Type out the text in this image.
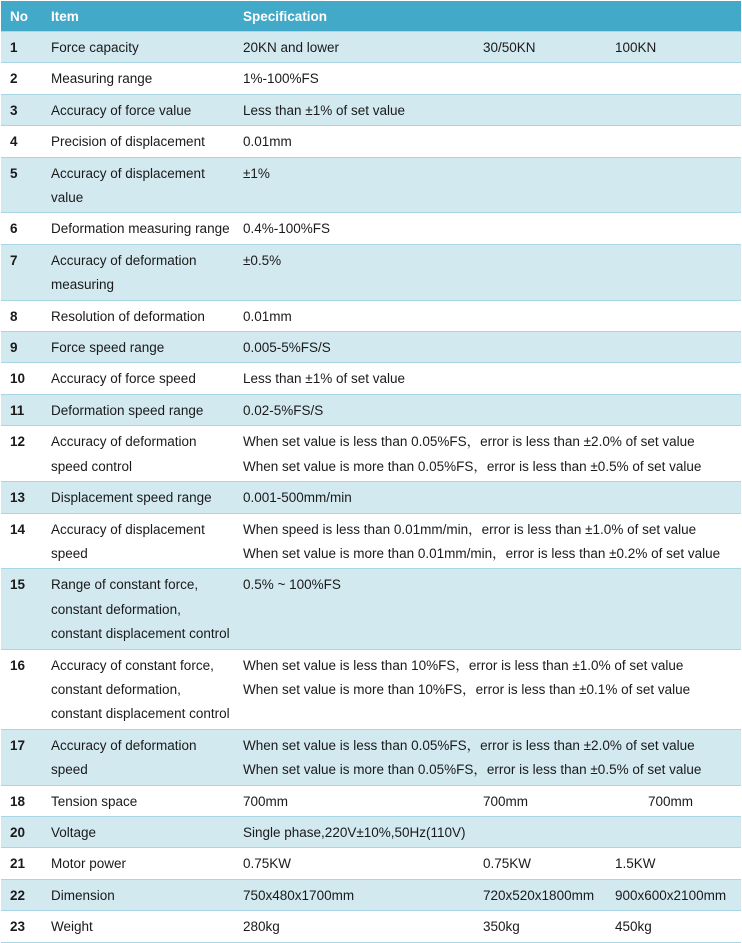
No	Item	Specification
1	Force capacity	20KN and lower 30/50KN 100KN

2	Measuring range	1%-100%FS

3	Accuracy of force value	Less than ±1% of set value

4	Precision of displacement	0.01mm

5	Accuracy of displacement value	±1%

6	Deformation measuring range	0.4%-100%FS

7	Accuracy of deformation measuring	±0.5%

8	Resolution of deformation	0.01mm

9	Force speed range	0.005-5%FS/S

10	Accuracy of force speed	Less than ±1% of set value

11	Deformation speed range	0.02-5%FS/S

12	Accuracy of deformation speed control	When set value is less than 0.05%FS，error is less than ±2.0% of set value
When set value is more than 0.05%FS，error is less than ±0.5% of set value

13	Displacement speed range	0.001-500mm/min

14	Accuracy of displacement speed	When speed is less than 0.01mm/min，error is less than ±1.0% of set value
When set value is more than 0.01mm/min，error is less than ±0.2% of set value

15	Range of constant force, constant deformation, constant displacement control	0.5% ~ 100%FS

16	Accuracy of constant force, constant deformation, constant displacement control	When set value is less than 10%FS，error is less than ±1.0% of set value
When set value is more than 10%FS，error is less than ±0.1% of set value

17	Accuracy of deformation speed	When set value is less than 0.05%FS，error is less than ±2.0% of set value
When set value is more than 0.05%FS，error is less than ±0.5% of set value

18	Tension space	700mm 700mm 700mm

20	Voltage	Single phase,220V±10%,50Hz(110V)

21	Motor power	0.75KW 0.75KW 1.5KW

22	Dimension	750x480x1700mm 720x520x1800mm 900x600x2100mm

23	Weight	280kg 350kg 450kg
